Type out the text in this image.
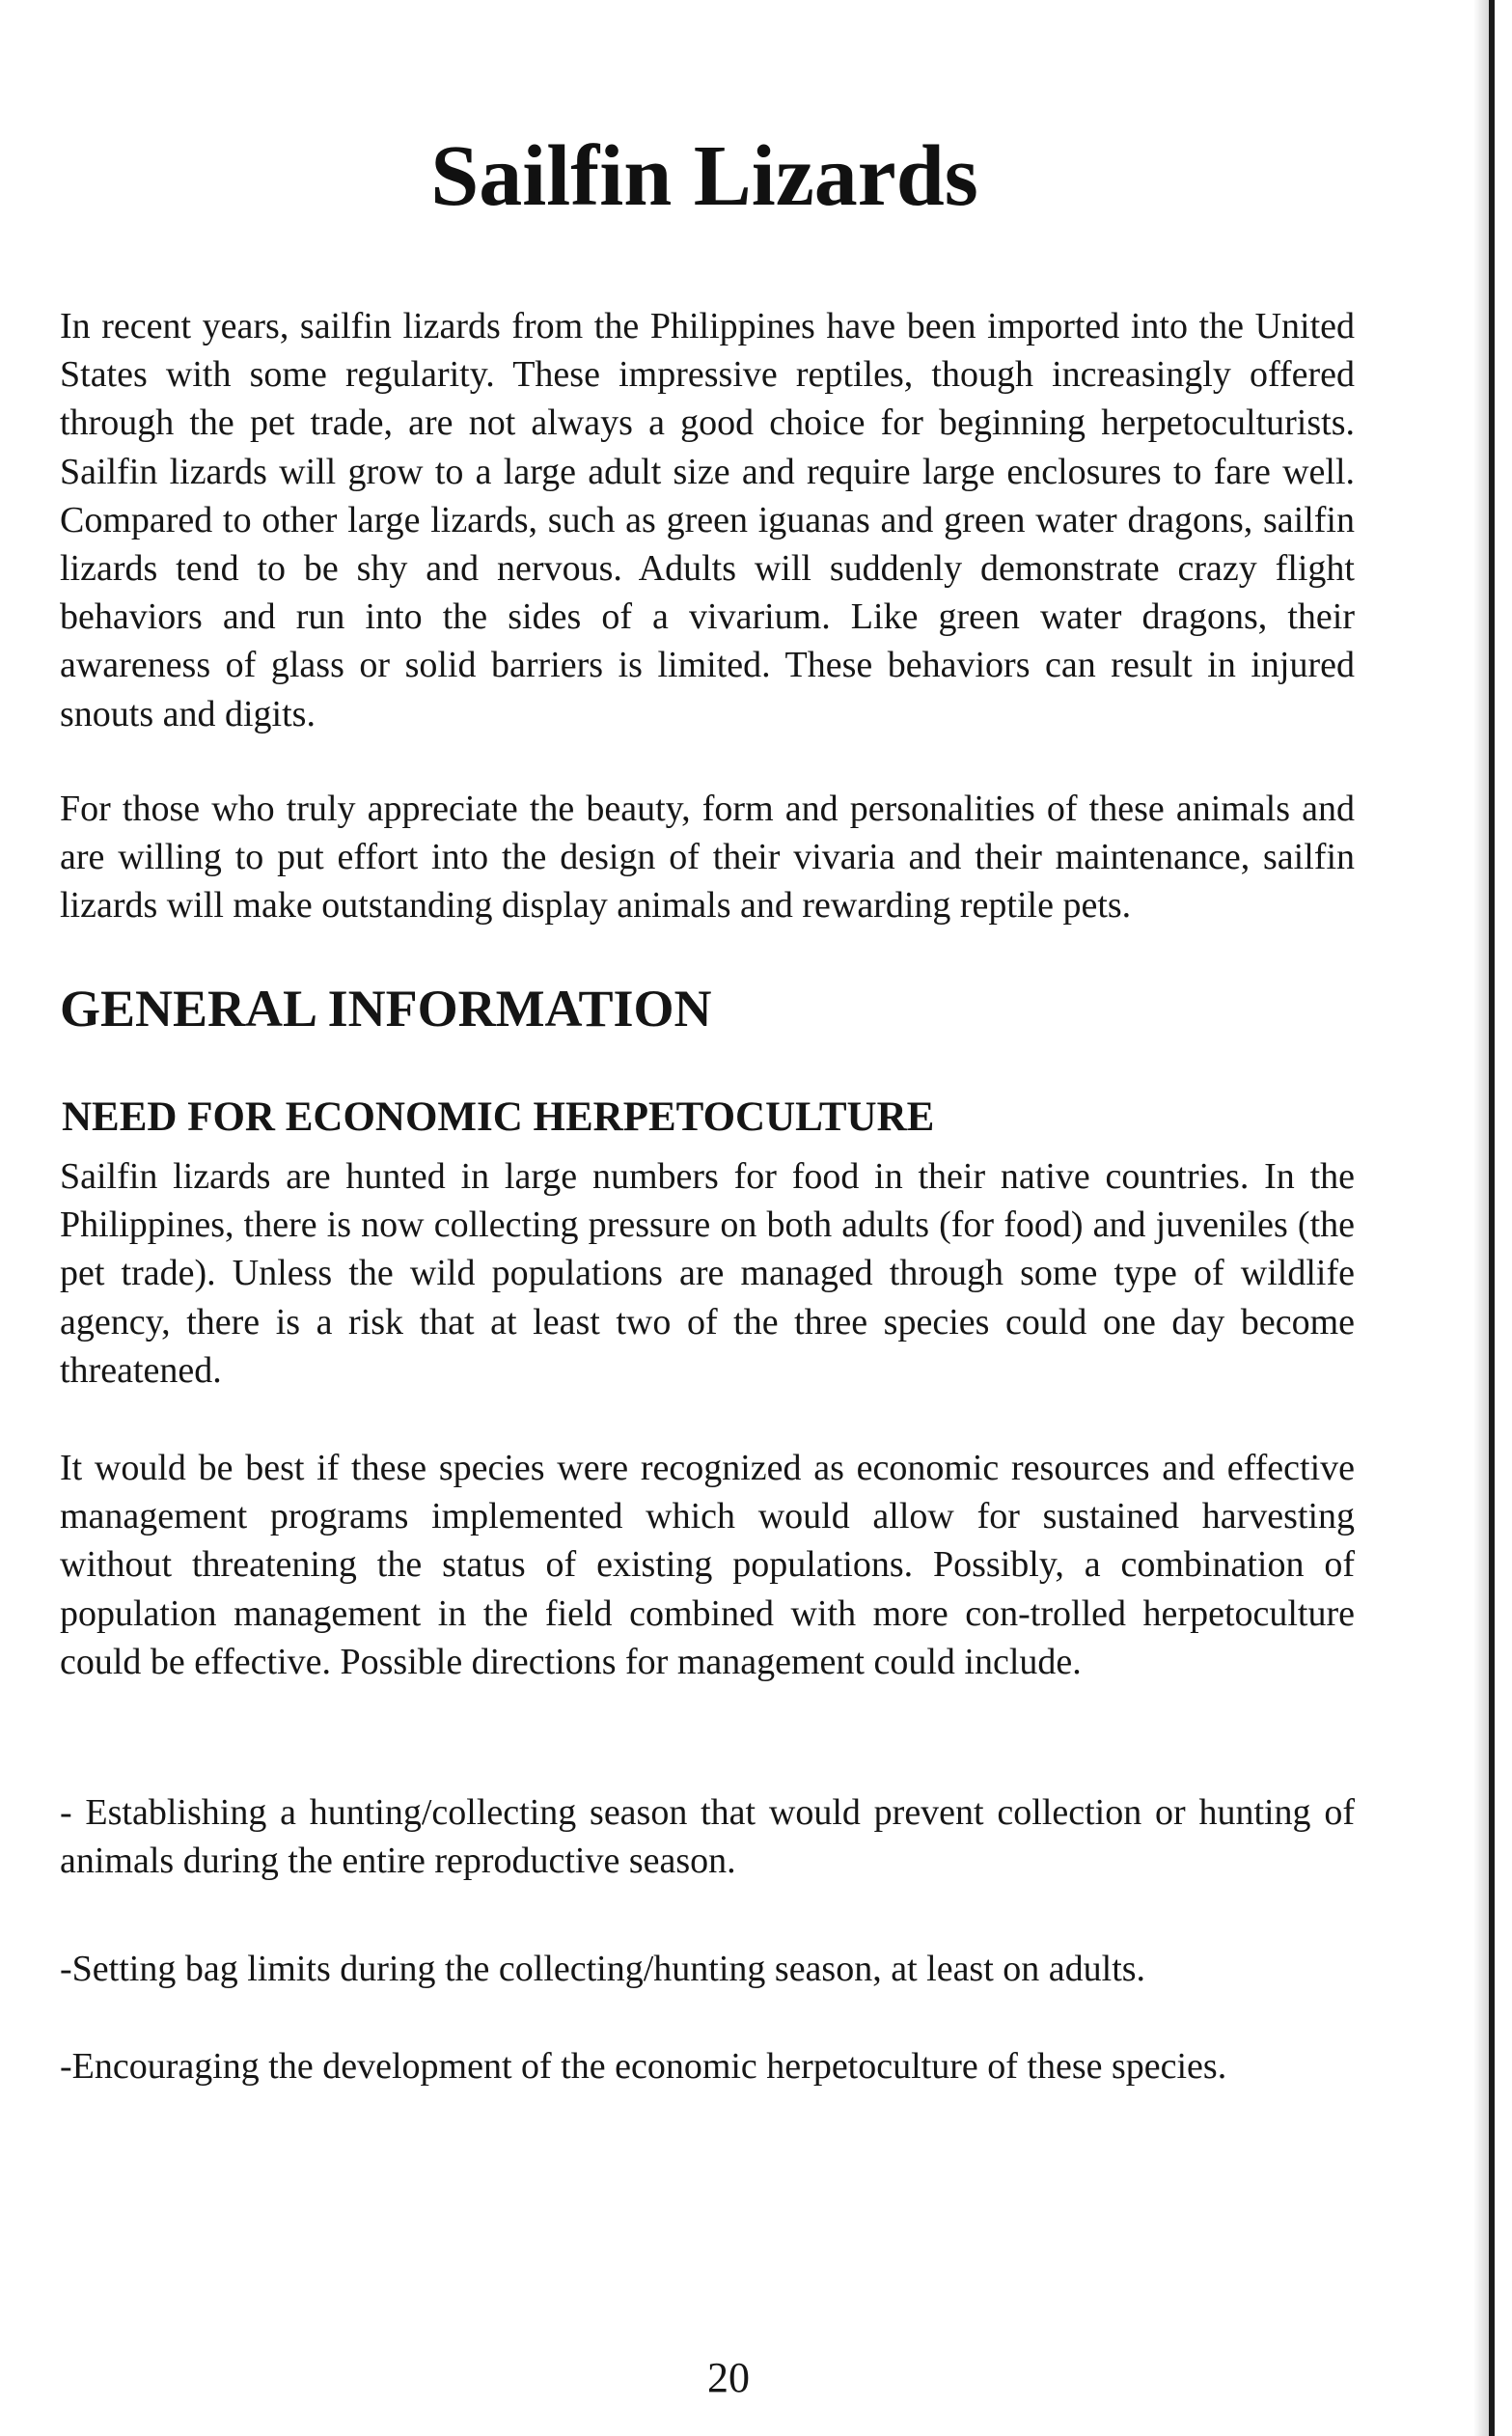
Sailfin Lizards

In recent years, sailfin lizards from the Philippines have been imported into the United States with some regularity. These impressive reptiles, though increasingly offered through the pet trade, are not always a good choice for beginning herpetoculturists. Sailfin lizards will grow to a large adult size and require large enclosures to fare well. Compared to other large lizards, such as green iguanas and green water dragons, sailfin lizards tend to be shy and nervous. Adults will suddenly demonstrate crazy flight behaviors and run into the sides of a vivarium. Like green water dragons, their awareness of glass or solid barriers is limited. These behaviors can result in injured snouts and digits.

For those who truly appreciate the beauty, form and personalities of these animals and are willing to put effort into the design of their vivaria and their maintenance, sailfin lizards will make outstanding display animals and rewarding reptile pets.

GENERAL INFORMATION
NEED FOR ECONOMIC HERPETOCULTURE

Sailfin lizards are hunted in large numbers for food in their native countries. In the Philippines, there is now collecting pressure on both adults (for food) and juveniles (the pet trade). Unless the wild populations are managed through some type of wildlife agency, there is a risk that at least two of the three species could one day become threatened.

It would be best if these species were recognized as economic resources and effective management programs implemented which would allow for sustained harvesting without threatening the status of existing populations. Possibly, a combination of population management in the field combined with more con-trolled herpetoculture could be effective. Possible directions for management could include.

- Establishing a hunting/collecting season that would prevent collection or hunting of animals during the entire reproductive season.

-Setting bag limits during the collecting/hunting season, at least on adults.

-Encouraging the development of the economic herpetoculture of these species.

20
